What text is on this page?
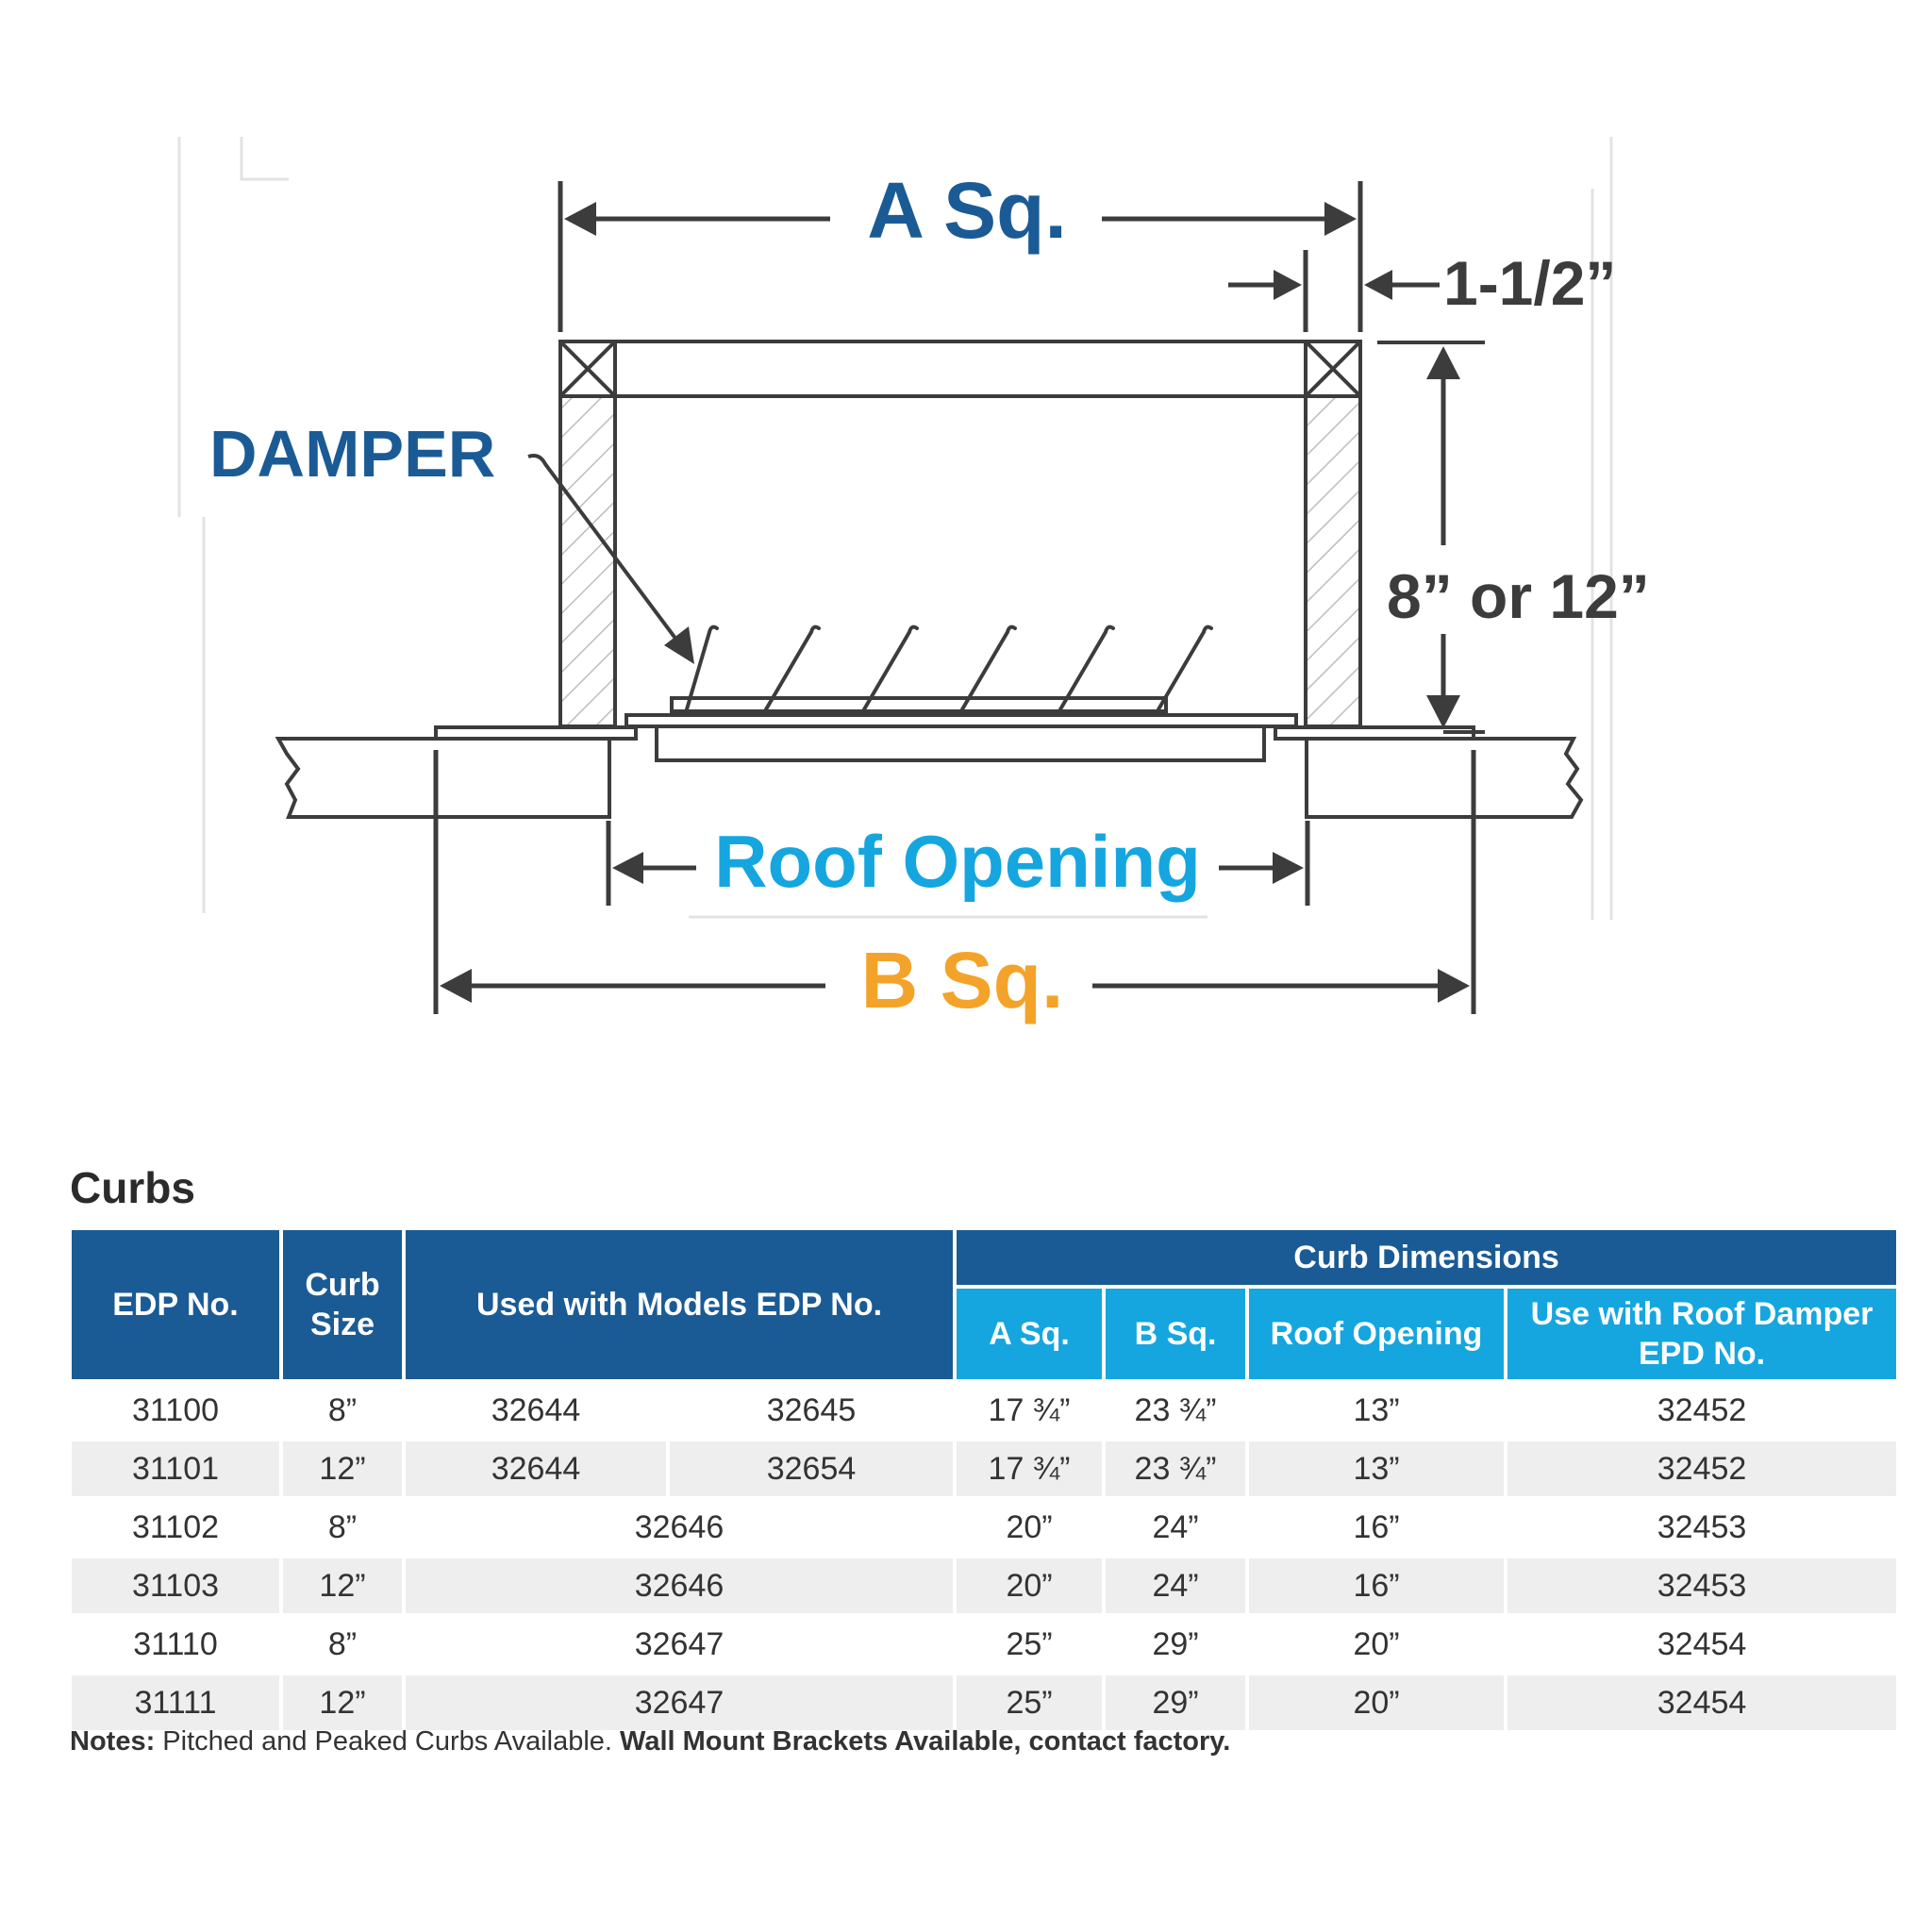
A Sq.
1-1/2”
8” or 12”
DAMPER
Roof Opening
B Sq.
Curbs
EDP No.	Curb Size	Used with Models EDP No.		Curb Dimensions			
				A Sq.	B Sq.	Roof Opening	Use with Roof Damper EPD No.
31100	8”	32644	32645	17 ¾”	23 ¾”	13”	32452
31101	12”	32644	32654	17 ¾”	23 ¾”	13”	32452
31102	8”	32646		20”	24”	16”	32453
31103	12”	32646		20”	24”	16”	32453
31110	8”	32647		25”	29”	20”	32454
31111	12”	32647		25”	29”	20”	32454

Notes: Pitched and Peaked Curbs Available. Wall Mount Brackets Available, contact factory.
